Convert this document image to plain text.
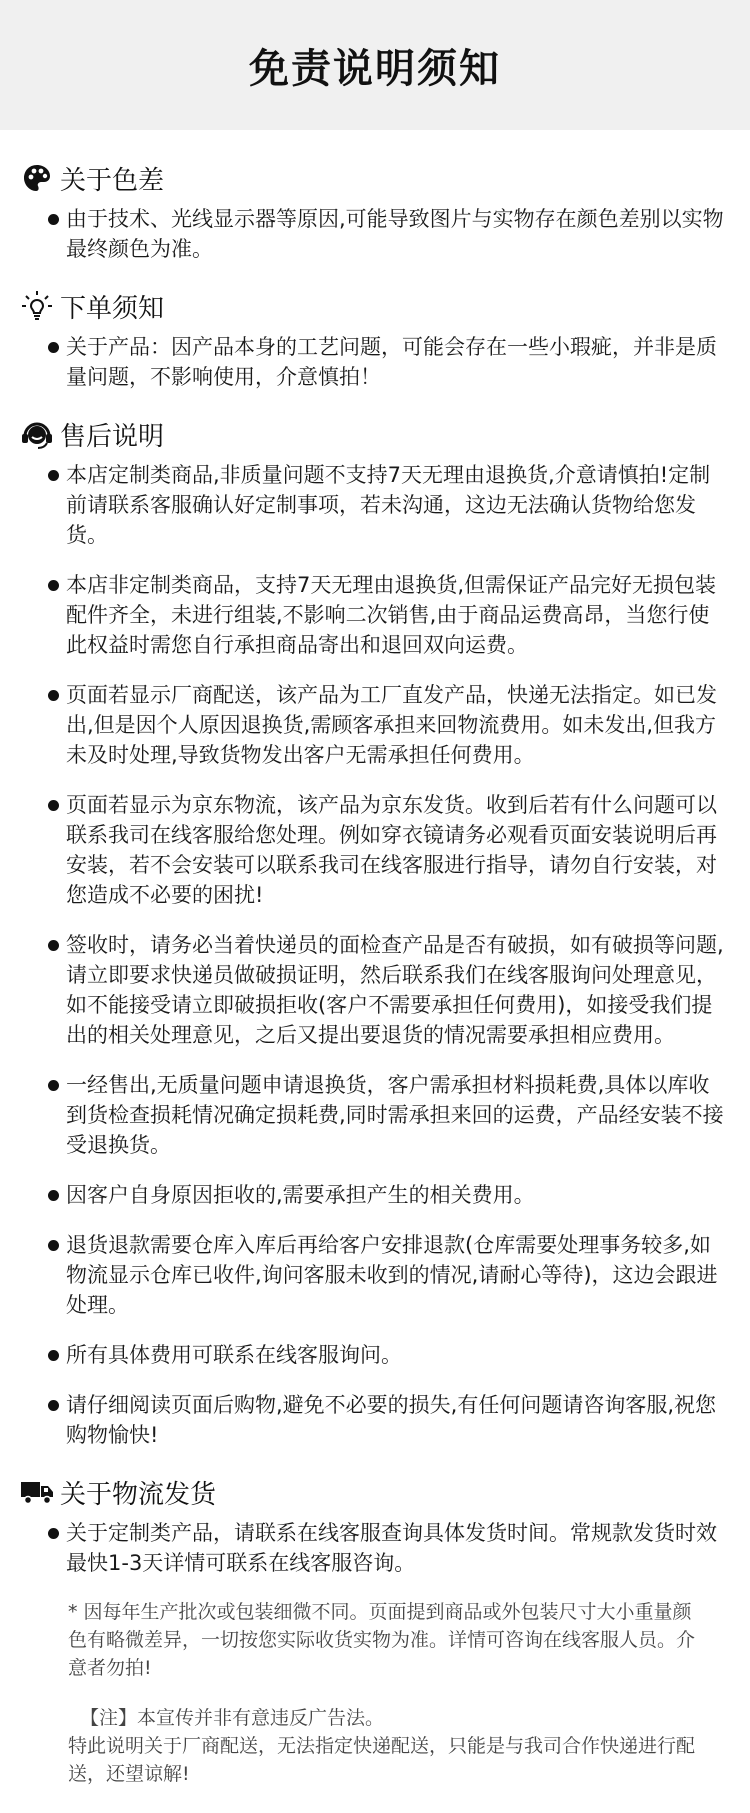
免责说明须知
关于色差
由于技术、光线显示器等原因,可能导致图片与实物存在颜色差别以实物最终颜色为准。
下单须知
关于产品：因产品本身的工艺问题，可能会存在一些小瑕疵，并非是质量问题，不影响使用，介意慎拍！
售后说明
本店定制类商品,非质量问题不支持7天无理由退换货,介意请慎拍!定制前请联系客服确认好定制事项，若未沟通，这边无法确认货物给您发货。
本店非定制类商品，支持7天无理由退换货,但需保证产品完好无损包装配件齐全，未进行组装,不影响二次销售,由于商品运费高昂，当您行使此权益时需您自行承担商品寄出和退回双向运费。
页面若显示厂商配送，该产品为工厂直发产品，快递无法指定。如已发出,但是因个人原因退换货,需顾客承担来回物流费用。如未发出,但我方未及时处理,导致货物发出客户无需承担任何费用。
页面若显示为京东物流，该产品为京东发货。收到后若有什么问题可以联系我司在线客服给您处理。例如穿衣镜请务必观看页面安装说明后再安装，若不会安装可以联系我司在线客服进行指导，请勿自行安装，对您造成不必要的困扰!
签收时，请务必当着快递员的面检查产品是否有破损，如有破损等问题,请立即要求快递员做破损证明，然后联系我们在线客服询问处理意见，如不能接受请立即破损拒收(客户不需要承担任何费用)，如接受我们提出的相关处理意见，之后又提出要退货的情况需要承担相应费用。
一经售出,无质量问题申请退换货，客户需承担材料损耗费,具体以库收到货检查损耗情况确定损耗费,同时需承担来回的运费，产品经安装不接受退换货。
因客户自身原因拒收的,需要承担产生的相关费用。
退货退款需要仓库入库后再给客户安排退款(仓库需要处理事务较多,如物流显示仓库已收件,询问客服未收到的情况,请耐心等待)，这边会跟进处理。
所有具体费用可联系在线客服询问。
请仔细阅读页面后购物,避免不必要的损失,有任何问题请咨询客服,祝您购物愉快!
关于物流发货
关于定制类产品，请联系在线客服查询具体发货时间。常规款发货时效最快1-3天详情可联系在线客服咨询。
* 因每年生产批次或包装细微不同。页面提到商品或外包装尺寸大小重量颜色有略微差异，一切按您实际收货实物为准。详情可咨询在线客服人员。介意者勿拍!
【注】本宣传并非有意违反广告法。
特此说明关于厂商配送，无法指定快递配送，只能是与我司合作快递进行配送，还望谅解!
